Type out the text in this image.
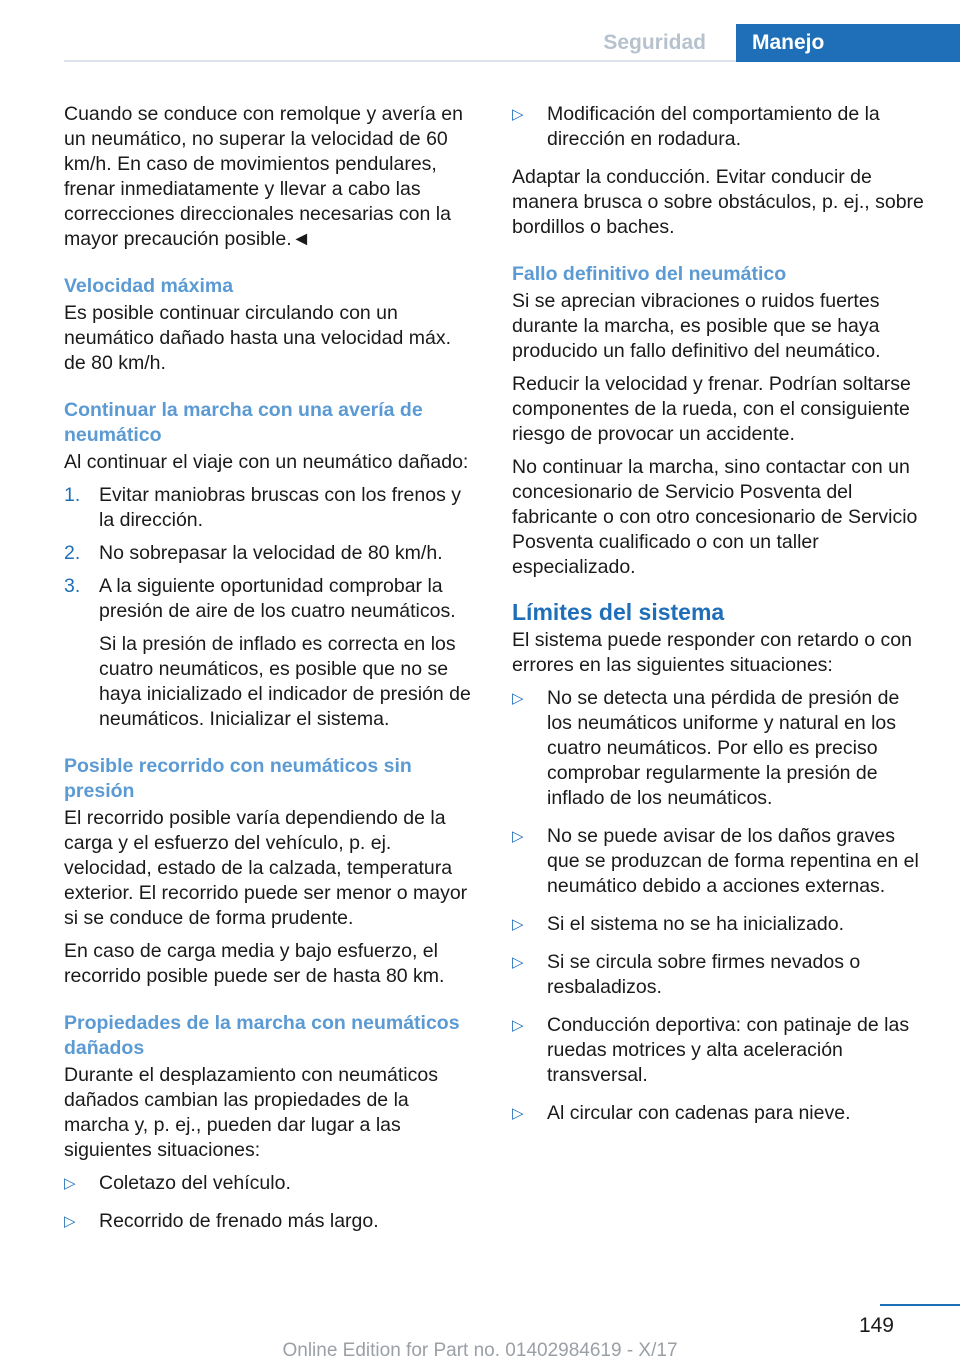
Seguridad	Manejo

Cuando se conduce con remolque y avería en un neumático, no superar la velocidad de 60 km/h. En caso de movimientos pendulares, frenar inmediatamente y llevar a cabo las correcciones direccionales necesarias con la mayor precaución posible.◄

Velocidad máxima

Es posible continuar circulando con un neumático dañado hasta una velocidad máx. de 80 km/h.

Continuar la marcha con una avería de neumático

Al continuar el viaje con un neumático dañado:

1. Evitar maniobras bruscas con los frenos y la dirección.
2. No sobrepasar la velocidad de 80 km/h.
3. A la siguiente oportunidad comprobar la presión de aire de los cuatro neumáticos.
Si la presión de inflado es correcta en los cuatro neumáticos, es posible que no se haya inicializado el indicador de presión de neumáticos. Inicializar el sistema.
Posible recorrido con neumáticos sin presión

El recorrido posible varía dependiendo de la carga y el esfuerzo del vehículo, p. ej. velocidad, estado de la calzada, temperatura exterior. El recorrido puede ser menor o mayor si se conduce de forma prudente.

En caso de carga media y bajo esfuerzo, el recorrido posible puede ser de hasta 80 km.

Propiedades de la marcha con neumáticos dañados

Durante el desplazamiento con neumáticos dañados cambian las propiedades de la marcha y, p. ej., pueden dar lugar a las siguientes situaciones:

▷ Coletazo del vehículo.
▷ Recorrido de frenado más largo.
▷ Modificación del comportamiento de la dirección en rodadura.

Adaptar la conducción. Evitar conducir de manera brusca o sobre obstáculos, p. ej., sobre bordillos o baches.

Fallo definitivo del neumático

Si se aprecian vibraciones o ruidos fuertes durante la marcha, es posible que se haya producido un fallo definitivo del neumático.

Reducir la velocidad y frenar. Podrían soltarse componentes de la rueda, con el consiguiente riesgo de provocar un accidente.

No continuar la marcha, sino contactar con un concesionario de Servicio Posventa del fabricante o con otro concesionario de Servicio Posventa cualificado o con un taller especializado.

Límites del sistema

El sistema puede responder con retardo o con errores en las siguientes situaciones:

▷ No se detecta una pérdida de presión de los neumáticos uniforme y natural en los cuatro neumáticos. Por ello es preciso comprobar regularmente la presión de inflado de los neumáticos.
▷ No se puede avisar de los daños graves que se produzcan de forma repentina en el neumático debido a acciones externas.
▷ Si el sistema no se ha inicializado.
▷ Si se circula sobre firmes nevados o resbaladizos.
▷ Conducción deportiva: con patinaje de las ruedas motrices y alta aceleración transversal.
▷ Al circular con cadenas para nieve.
149
Online Edition for Part no. 01402984619 - X/17
